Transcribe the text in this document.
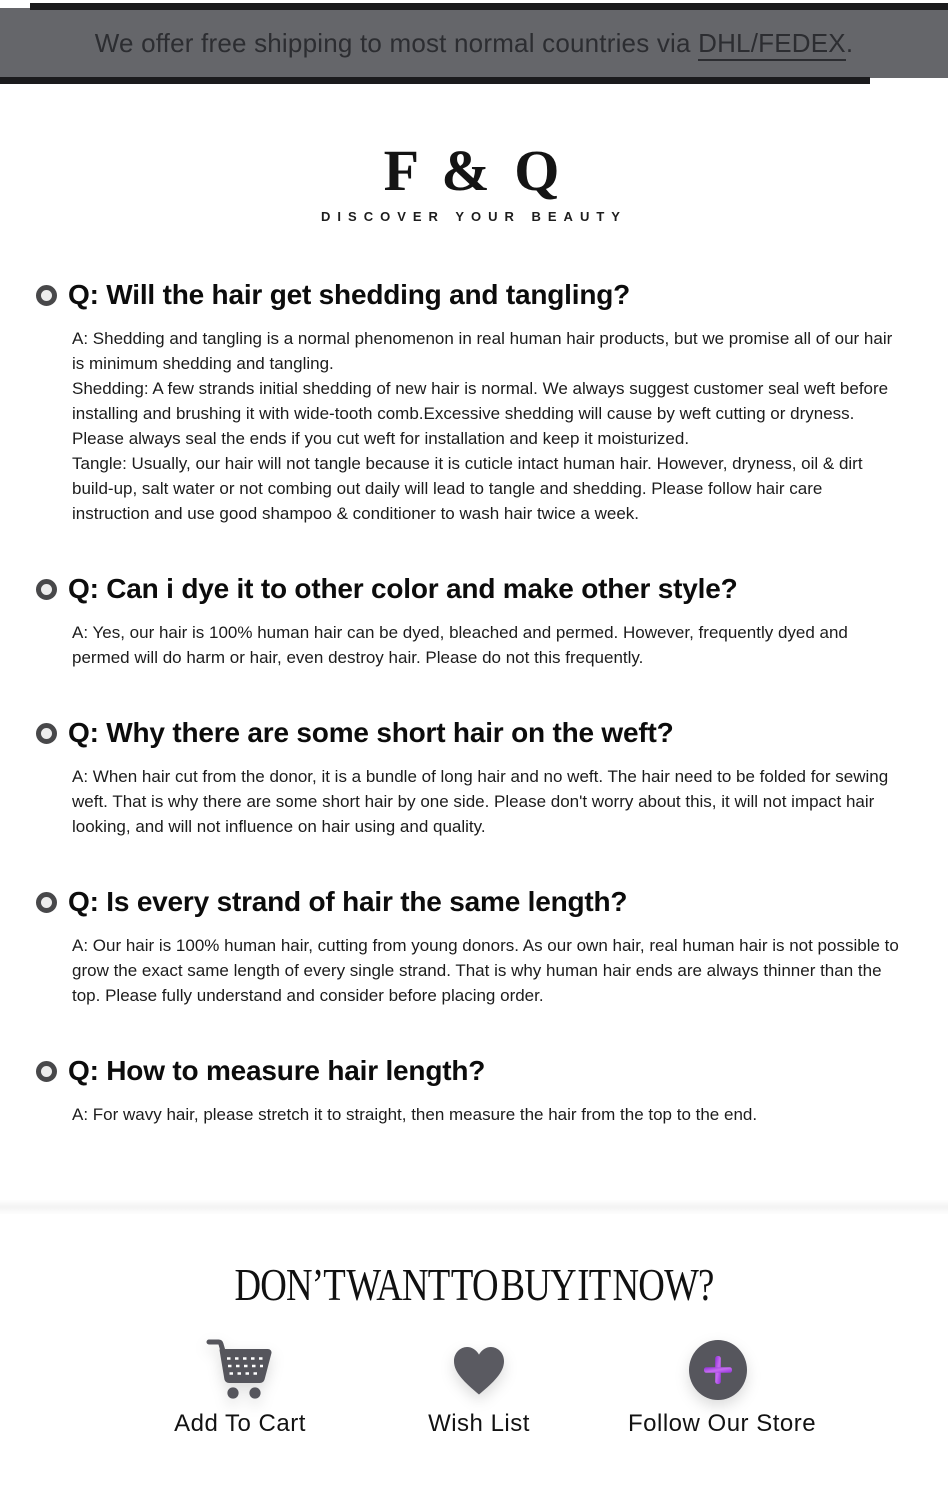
We offer free shipping to most normal countries via DHL/FEDEX.
F & Q
DISCOVER YOUR BEAUTY
Q: Will the hair get shedding and tangling?

A: Shedding and tangling is a normal phenomenon in real human hair products, but we promise all of our hair is minimum shedding and tangling.

Shedding: A few strands initial shedding of new hair is normal. We always suggest customer seal weft before installing and brushing it with wide-tooth comb.Excessive shedding will cause by weft cutting or dryness. Please always seal the ends if you cut weft for installation and keep it moisturized.

Tangle: Usually, our hair will not tangle because it is cuticle intact human hair. However, dryness, oil & dirt build-up, salt water or not combing out daily will lead to tangle and shedding. Please follow hair care instruction and use good shampoo & conditioner to wash hair twice a week.

Q: Can i dye it to other color and make other style?

A: Yes, our hair is 100% human hair can be dyed, bleached and permed. However, frequently dyed and permed will do harm or hair, even destroy hair. Please do not this frequently.

Q: Why there are some short hair on the weft?

A: When hair cut from the donor, it is a bundle of long hair and no weft. The hair need to be folded for sewing weft. That is why there are some short hair by one side. Please don't worry about this, it will not impact hair looking, and will not influence on hair using and quality.

Q: Is every strand of hair the same length?

A: Our hair is 100% human hair, cutting from young donors. As our own hair, real human hair is not possible to grow the exact same length of every single strand. That is why human hair ends are always thinner than the top. Please fully understand and consider before placing order.

Q: How to measure hair length?

A: For wavy hair, please stretch it to straight, then measure the hair from the top to the end.

DON’T WANT TO BUY IT NOW?
Add To Cart	Wish List	Follow Our Store
